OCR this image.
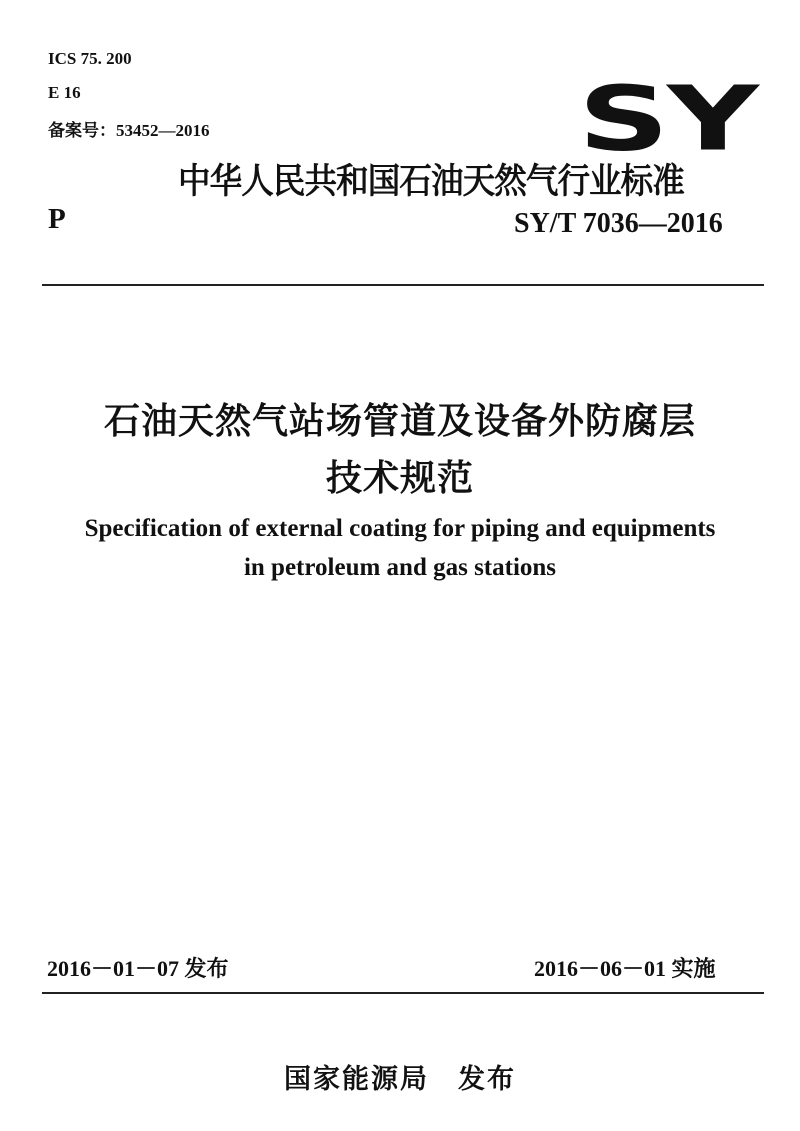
ICS 75. 200
E 16
备案号：53452—2016	SY
中华人民共和国石油天然气行业标准
P	SY/T 7036—2016
石油天然气站场管道及设备外防腐层
技术规范
Specification of external coating for piping and equipments
in petroleum and gas stations
2016－01－07 发布	2016－06－01 实施
国家能源局　发布
